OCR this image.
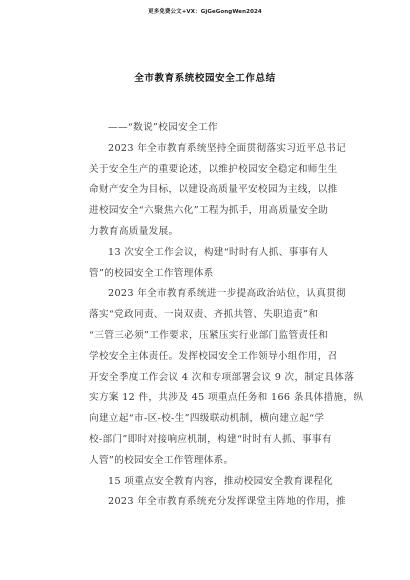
更多免费公文+VX：GjGeGongWen2024
全市教育系统校园安全工作总结
——“数说”校园安全工作
2023 年全市教育系统坚持全面贯彻落实习近平总书记
关于安全生产的重要论述，以维护校园安全稳定和师生生
命财产安全为目标，以建设高质量平安校园为主线，以推
进校园安全“六聚焦六化”工程为抓手，用高质量安全助
力教育高质量发展。
13 次安全工作会议，构建“时时有人抓、事事有人
管”的校园安全工作管理体系
2023 年全市教育系统进一步提高政治站位，认真贯彻
落实“党政同责、一岗双责、齐抓共管、失职追责”和
“三管三必须”工作要求，压紧压实行业部门监管责任和
学校安全主体责任。发挥校园安全工作领导小组作用，召
开安全季度工作会议 4 次和专项部署会议 9 次，制定具体落
实方案 12 件，共涉及 45 项重点任务和 166 条具体措施，纵
向建立起“市-区-校-生”四级联动机制，横向建立起“学
校-部门”即时对接响应机制，构建“时时有人抓、事事有
人管”的校园安全工作管理体系。
15 项重点安全教育内容，推动校园安全教育课程化
2023 年全市教育系统充分发挥课堂主阵地的作用，推
